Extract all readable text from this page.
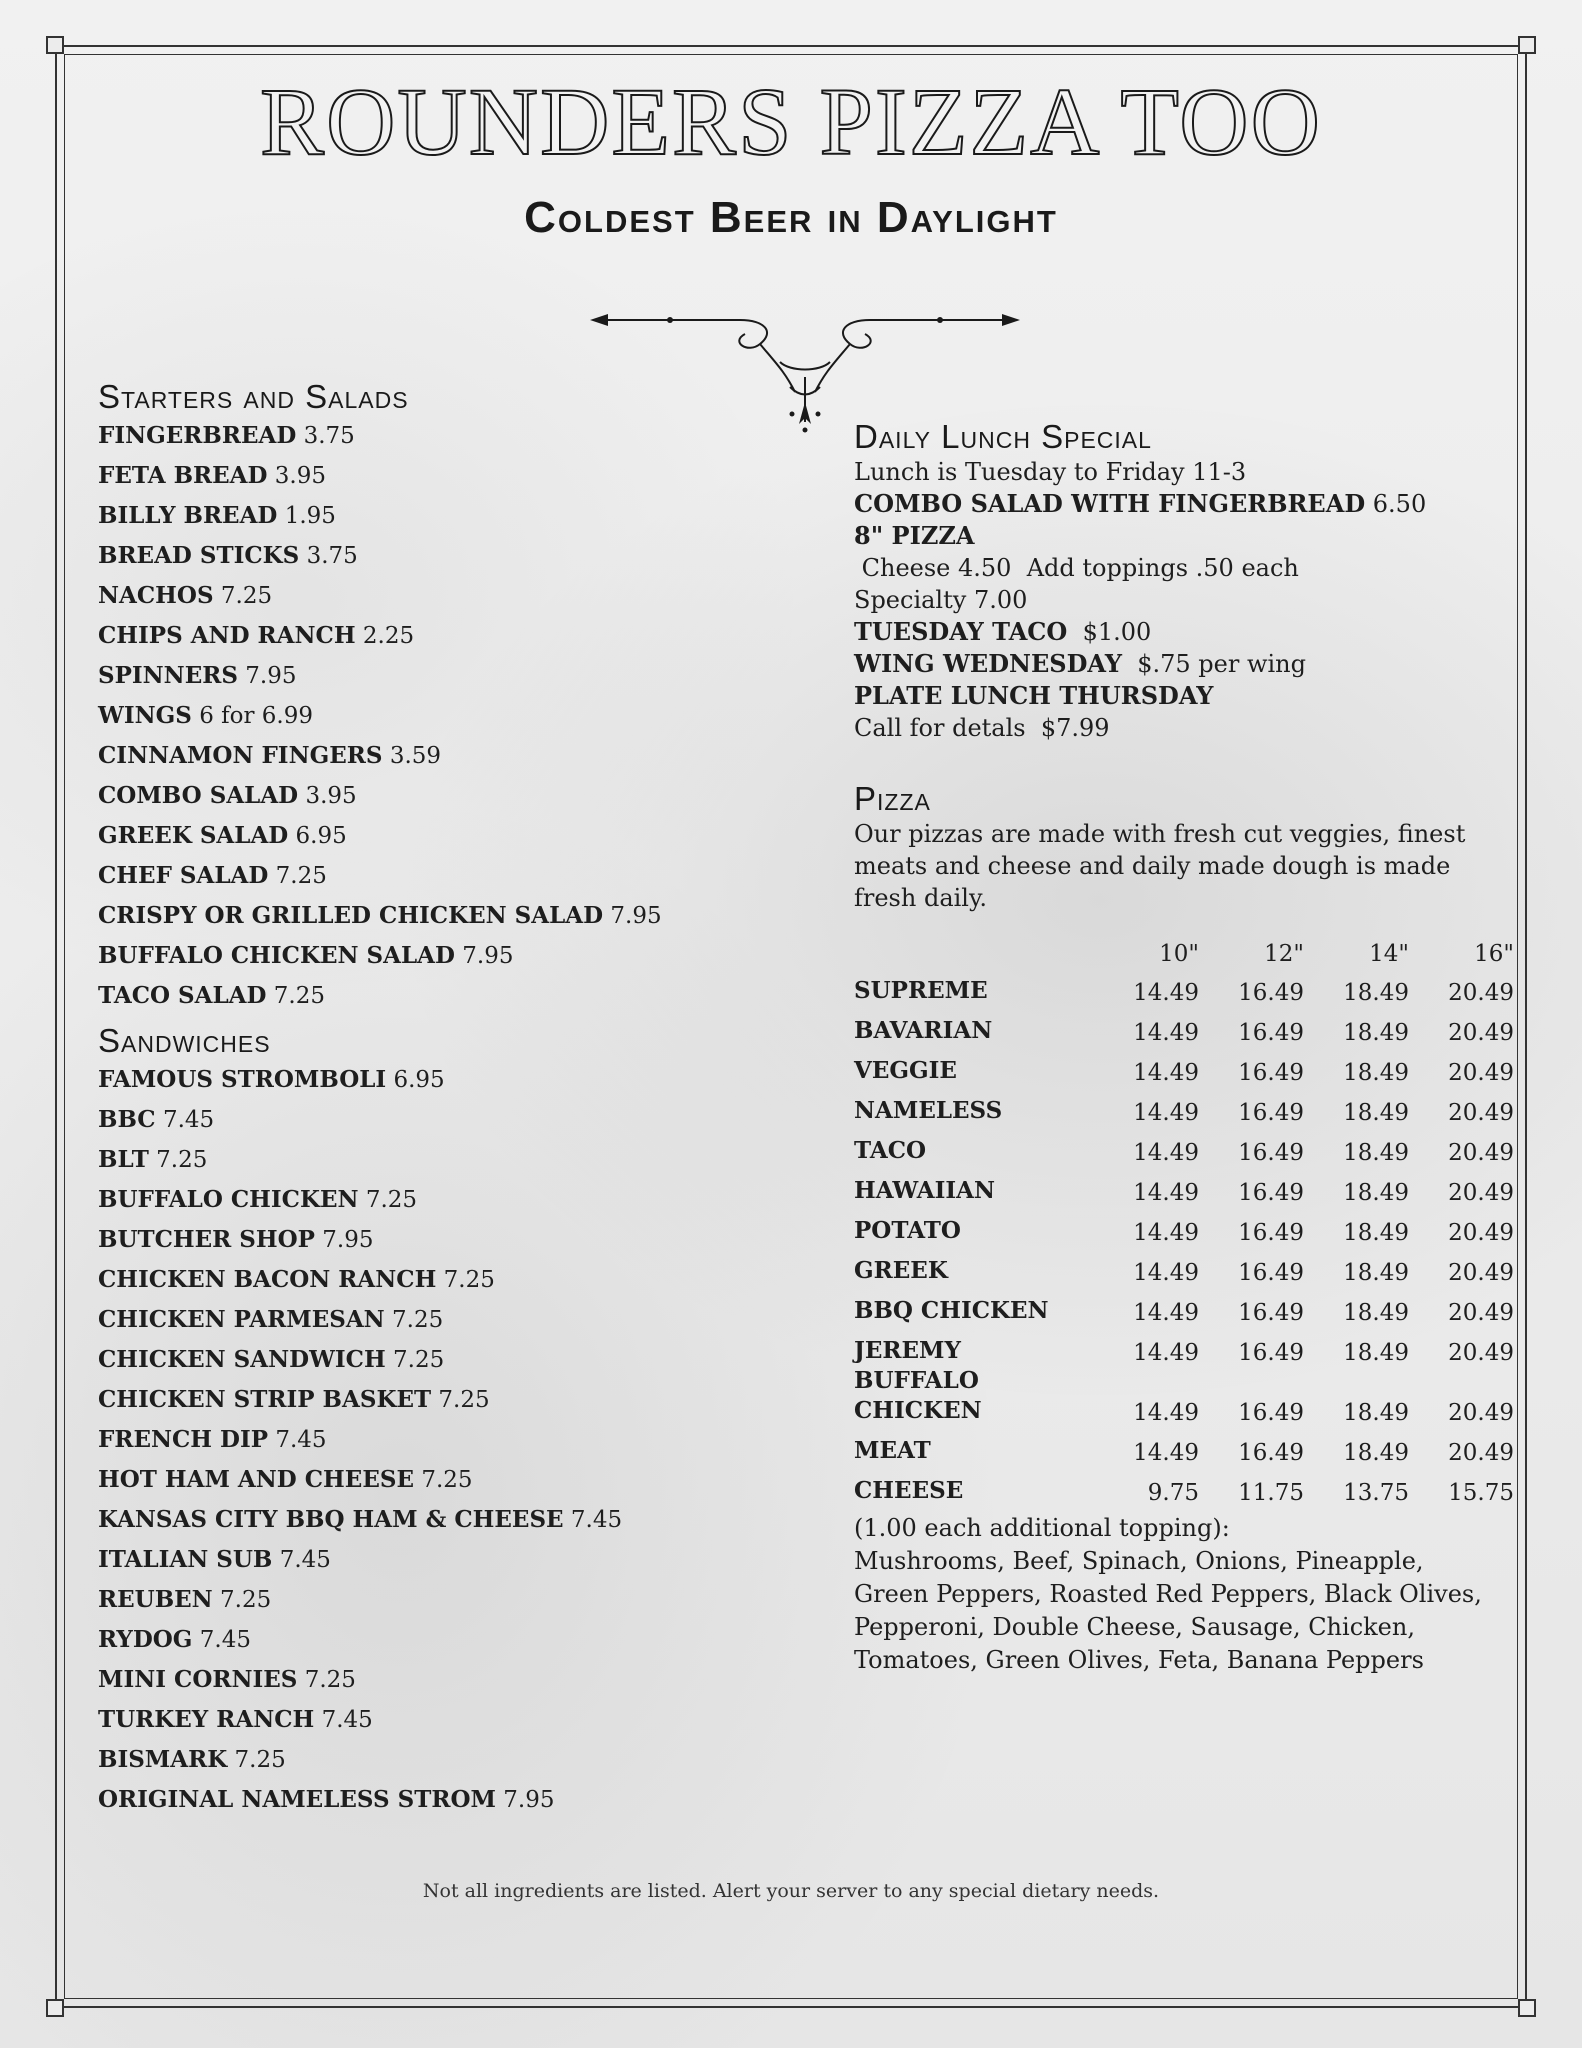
ROUNDERS PIZZA TOO
Coldest Beer in Daylight
Starters and Salads
FINGERBREAD 3.75
FETA BREAD 3.95
BILLY BREAD 1.95
BREAD STICKS 3.75
NACHOS 7.25
CHIPS AND RANCH 2.25
SPINNERS 7.95
WINGS 6 for 6.99
CINNAMON FINGERS 3.59
COMBO SALAD 3.95
GREEK SALAD 6.95
CHEF SALAD 7.25
CRISPY OR GRILLED CHICKEN SALAD 7.95
BUFFALO CHICKEN SALAD 7.95
TACO SALAD 7.25
Sandwiches
FAMOUS STROMBOLI 6.95
BBC 7.45
BLT 7.25
BUFFALO CHICKEN 7.25
BUTCHER SHOP 7.95
CHICKEN BACON RANCH 7.25
CHICKEN PARMESAN 7.25
CHICKEN SANDWICH 7.25
CHICKEN STRIP BASKET 7.25
FRENCH DIP 7.45
HOT HAM AND CHEESE 7.25
KANSAS CITY BBQ HAM & CHEESE 7.45
ITALIAN SUB 7.45
REUBEN 7.25
RYDOG 7.45
MINI CORNIES 7.25
TURKEY RANCH 7.45
BISMARK 7.25
ORIGINAL NAMELESS STROM 7.95
Daily Lunch Special
Lunch is Tuesday to Friday 11-3
COMBO SALAD WITH FINGERBREAD 6.50
8" PIZZA
Cheese 4.50  Add toppings .50 each
Specialty 7.00
TUESDAY TACO  $1.00
WING WEDNESDAY  $.75 per wing
PLATE LUNCH THURSDAY
Call for detals  $7.99
Pizza
Our pizzas are made with fresh cut veggies, finest meats and cheese and daily made dough is made fresh daily.
	10"	12"	14"	16"
SUPREME	14.49	16.49	18.49	20.49
BAVARIAN	14.49	16.49	18.49	20.49
VEGGIE	14.49	16.49	18.49	20.49
NAMELESS	14.49	16.49	18.49	20.49
TACO	14.49	16.49	18.49	20.49
HAWAIIAN	14.49	16.49	18.49	20.49
POTATO	14.49	16.49	18.49	20.49
GREEK	14.49	16.49	18.49	20.49
BBQ CHICKEN	14.49	16.49	18.49	20.49
JEREMY	14.49	16.49	18.49	20.49
BUFFALO
CHICKEN	14.49	16.49	18.49	20.49
MEAT	14.49	16.49	18.49	20.49
CHEESE	9.75	11.75	13.75	15.75
(1.00 each additional topping):
Mushrooms, Beef, Spinach, Onions, Pineapple,
Green Peppers, Roasted Red Peppers, Black Olives,
Pepperoni, Double Cheese, Sausage, Chicken,
Tomatoes, Green Olives, Feta, Banana Peppers
Not all ingredients are listed. Alert your server to any special dietary needs.
